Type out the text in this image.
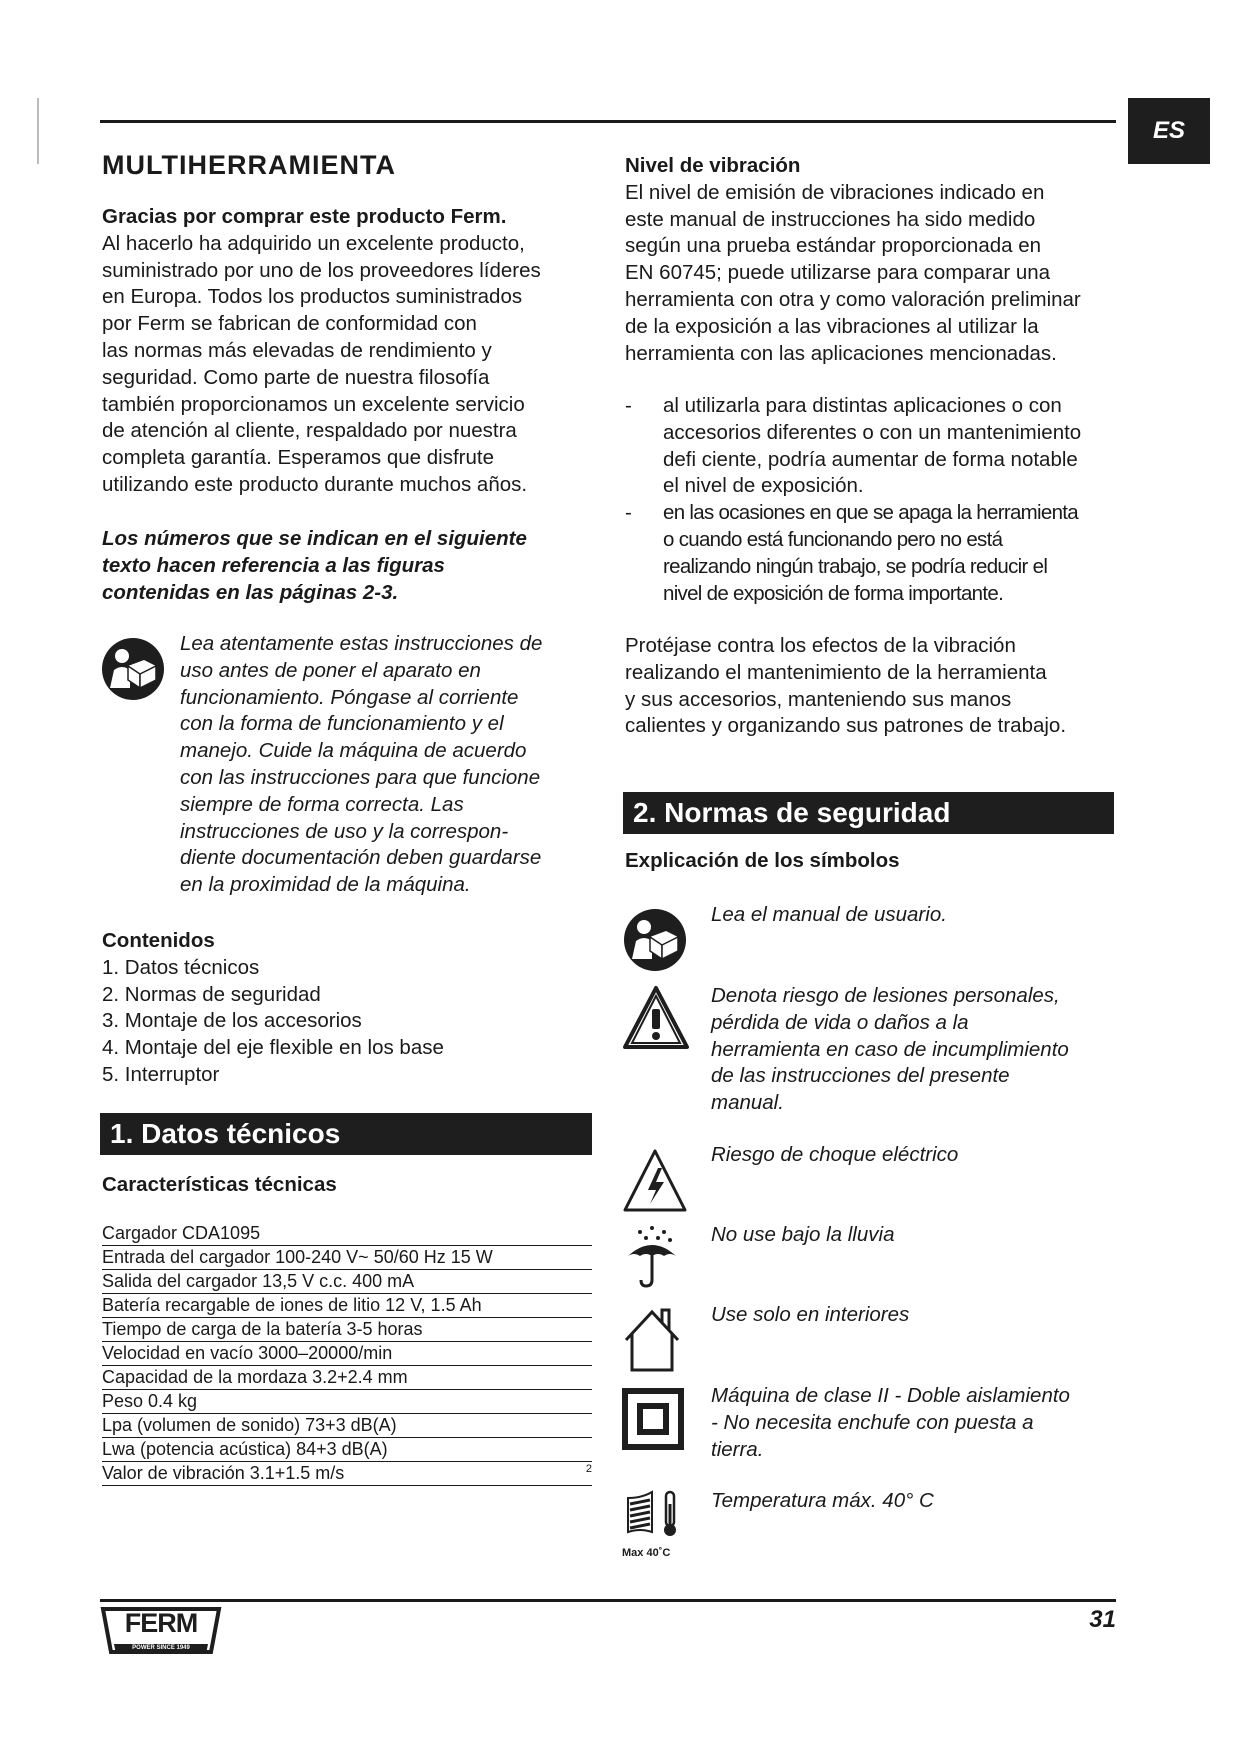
ES
MULTIHERRAMIENTA

Gracias por comprar este producto Ferm.

Al hacerlo ha adquirido un excelente producto,

suministrado por uno de los proveedores líderes

en Europa. Todos los productos suministrados

por Ferm se fabrican de conformidad con

las normas más elevadas de rendimiento y

seguridad. Como parte de nuestra filosofía

también proporcionamos un excelente servicio

de atención al cliente, respaldado por nuestra

completa garantía. Esperamos que disfrute

utilizando este producto durante muchos años.

Los números que se indican en el siguiente

texto hacen referencia a las figuras

contenidas en las páginas 2-3.

Lea atentamente estas instrucciones de

uso antes de poner el aparato en

funcionamiento. Póngase al corriente

con la forma de funcionamiento y el

manejo. Cuide la máquina de acuerdo

con las instrucciones para que funcione

siempre de forma correcta. Las

instrucciones de uso y la correspon-

diente documentación deben guardarse

en la proximidad de la máquina.

Contenidos

1. Datos técnicos
2. Normas de seguridad
3. Montaje de los accesorios
4. Montaje del eje flexible en los base
5. Interruptor
1. Datos técnicos
Características técnicas
Cargador CDA1095
Entrada del cargador 100-240 V~ 50/60 Hz 15 W
Salida del cargador 13,5 V c.c. 400 mA
Batería recargable de iones de litio 12 V, 1.5 Ah
Tiempo de carga de la batería 3-5 horas
Velocidad en vacío 3000–20000/min
Capacidad de la mordaza 3.2+2.4 mm
Peso 0.4 kg
Lpa (volumen de sonido) 73+3 dB(A)
Lwa (potencia acústica) 84+3 dB(A)
Valor de vibración 3.1+1.5 m/s	2

Nivel de vibración

El nivel de emisión de vibraciones indicado en

este manual de instrucciones ha sido medido

según una prueba estándar proporcionada en

EN 60745; puede utilizarse para comparar una

herramienta con otra y como valoración preliminar

de la exposición a las vibraciones al utilizar la

herramienta con las aplicaciones mencionadas.

-	al utilizarla para distintas aplicaciones o con
accesorios diferentes o con un mantenimiento
defi ciente, podría aumentar de forma notable
el nivel de exposición.
-	en las ocasiones en que se apaga la herramienta
o cuando está funcionando pero no está
realizando ningún trabajo, se podría reducir el
nivel de exposición de forma importante.

Protéjase contra los efectos de la vibración

realizando el mantenimiento de la herramienta

y sus accesorios, manteniendo sus manos

calientes y organizando sus patrones de trabajo.

2. Normas de seguridad
Explicación de los símbolos
Lea el manual de usuario.
Denota riesgo de lesiones personales,
pérdida de vida o daños a la
herramienta en caso de incumplimiento
de las instrucciones del presente
manual.
Riesgo de choque eléctrico
No use bajo la lluvia
Use solo en interiores
Máquina de clase II - Doble aislamiento
- No necesita enchufe con puesta a
tierra.
Max 40˚C
Temperatura máx. 40° C
FERM
POWER SINCE 1949
31
